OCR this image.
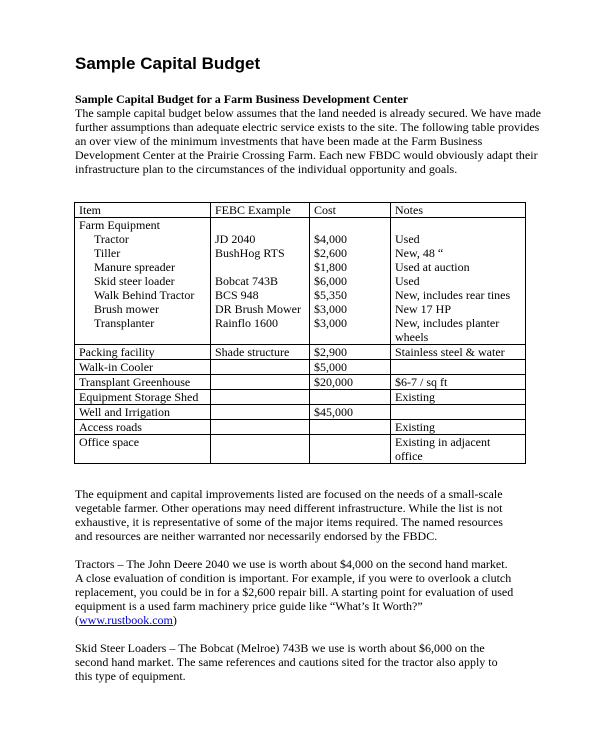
Sample Capital Budget
Sample Capital Budget for a Farm Business Development Center
The sample capital budget below assumes that the land needed is already secured. We have made further assumptions than adequate electric service exists to the site. The following table provides an over view of the minimum investments that have been made at the Farm Business Development Center at the Prairie Crossing Farm. Each new FBDC would obviously adapt their infrastructure plan to the circumstances of the individual opportunity and goals.
Item	FEBC Example	Cost	Notes
Farm Equipment			
Tractor	JD 2040	$4,000	Used
Tiller	BushHog RTS	$2,600	New, 48 “
Manure spreader		$1,800	Used at auction
Skid steer loader	Bobcat 743B	$6,000	Used
Walk Behind Tractor	BCS 948	$5,350	New, includes rear tines
Brush mower	DR Brush Mower	$3,000	New 17 HP
Transplanter	Rainflo 1600	$3,000	New, includes planter wheels
Packing facility	Shade structure	$2,900	Stainless steel & water
Walk-in Cooler		$5,000	
Transplant Greenhouse		$20,000	$6-7 / sq ft
Equipment Storage Shed			Existing
Well and Irrigation		$45,000	
Access roads			Existing
Office space			Existing in adjacent office

The equipment and capital improvements listed are focused on the needs of a small-scale vegetable farmer. Other operations may need different infrastructure. While the list is not exhaustive, it is representative of some of the major items required. The named resources and resources are neither warranted nor necessarily endorsed by the FBDC.

Tractors – The John Deere 2040 we use is worth about $4,000 on the second hand market. A close evaluation of condition is important. For example, if you were to overlook a clutch replacement, you could be in for a $2,600 repair bill. A starting point for evaluation of used equipment is a used farm machinery price guide like “What’s It Worth?” (www.rustbook.com)

Skid Steer Loaders – The Bobcat (Melroe) 743B we use is worth about $6,000 on the second hand market. The same references and cautions sited for the tractor also apply to this type of equipment.
